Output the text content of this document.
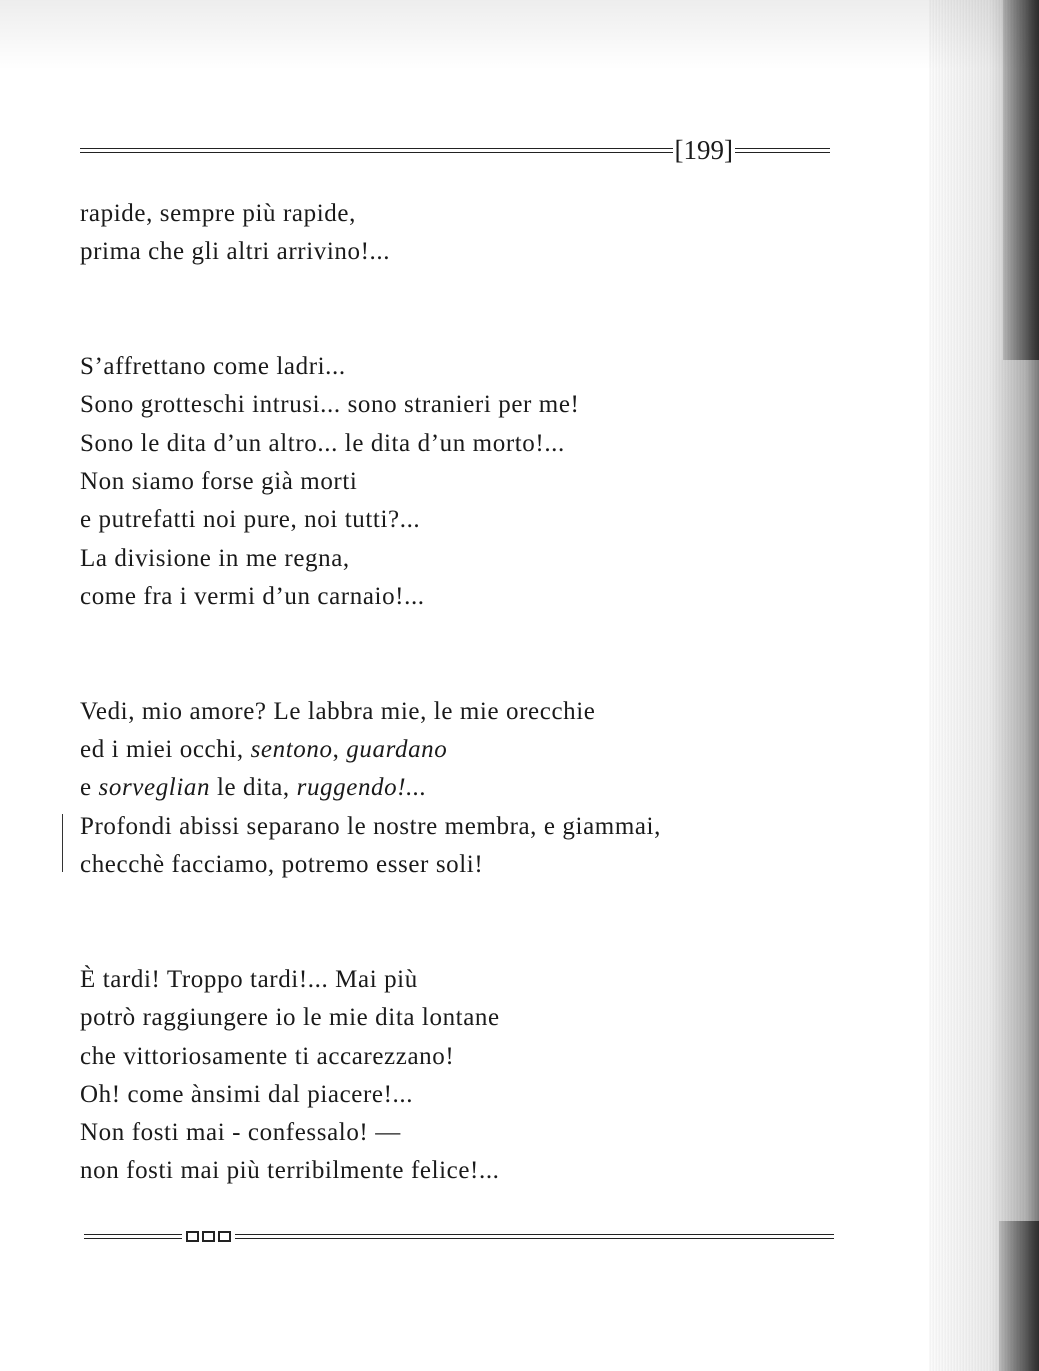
[199]
rapide, sempre più rapide,
prima che gli altri arrivino!...
S’affrettano come ladri...
Sono grotteschi intrusi... sono stranieri per me!
Sono le dita d’un altro... le dita d’un morto!...
Non siamo forse già morti
e putrefatti noi pure, noi tutti?...
La divisione in me regna,
come fra i vermi d’un carnaio!...
Vedi, mio amore? Le labbra mie, le mie orecchie
ed i miei occhi, sentono, guardano
e sorveglian le dita, ruggendo!...
Profondi abissi separano le nostre membra, e giammai,
checchè facciamo, potremo esser soli!
È tardi! Troppo tardi!... Mai più
potrò raggiungere io le mie dita lontane
che vittoriosamente ti accarezzano!
Oh! come ànsimi dal piacere!...
Non fosti mai - confessalo! —
non fosti mai più terribilmente felice!...
